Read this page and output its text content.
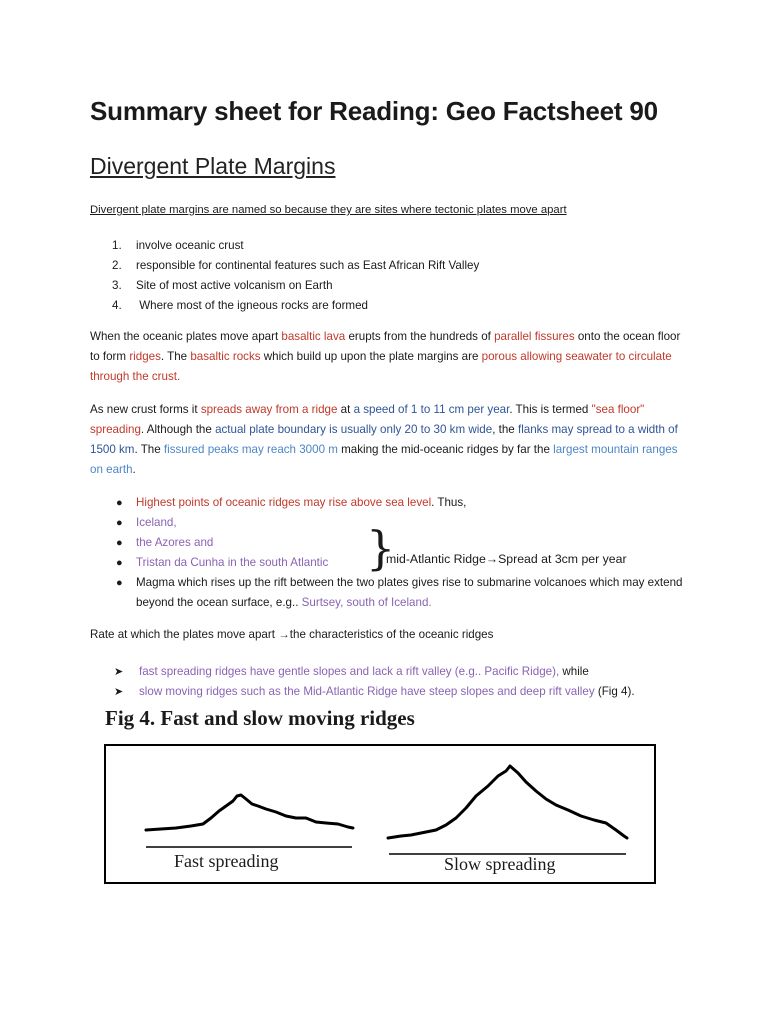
Summary sheet for Reading: Geo Factsheet 90
Divergent Plate Margins
Divergent plate margins are named so because they are sites where tectonic plates move apart
1. involve oceanic crust
2. responsible for continental features such as East African Rift Valley
3. Site of most active volcanism on Earth
4. Where most of the igneous rocks are formed

When the oceanic plates move apart basaltic lava erupts from the hundreds of parallel fissures onto the ocean floor to form ridges. The basaltic rocks which build up upon the plate margins are porous allowing seawater to circulate through the crust.

As new crust forms it spreads away from a ridge at a speed of 1 to 11 cm per year. This is termed "sea floor" spreading. Although the actual plate boundary is usually only 20 to 30 km wide, the flanks may spread to a width of 1500 km. The fissured peaks may reach 3000 m making the mid-oceanic ridges by far the largest mountain ranges on earth.

● Highest points of oceanic ridges may rise above sea level. Thus,
● Iceland,
● the Azores and
● Tristan da Cunha in the south Atlantic
● Magma which rises up the rift between the two plates gives rise to submarine volcanoes which may extend beyond the ocean surface, e.g.. Surtsey, south of Iceland.
}
mid-Atlantic Ridge→Spread at 3cm per year
Rate at which the plates move apart →the characteristics of the oceanic ridges
➤ fast spreading ridges have gentle slopes and lack a rift valley (e.g.. Pacific Ridge), while
➤ slow moving ridges such as the Mid-Atlantic Ridge have steep slopes and deep rift valley (Fig 4).
Fig 4. Fast and slow moving ridges
Fast spreading	Slow spreading
